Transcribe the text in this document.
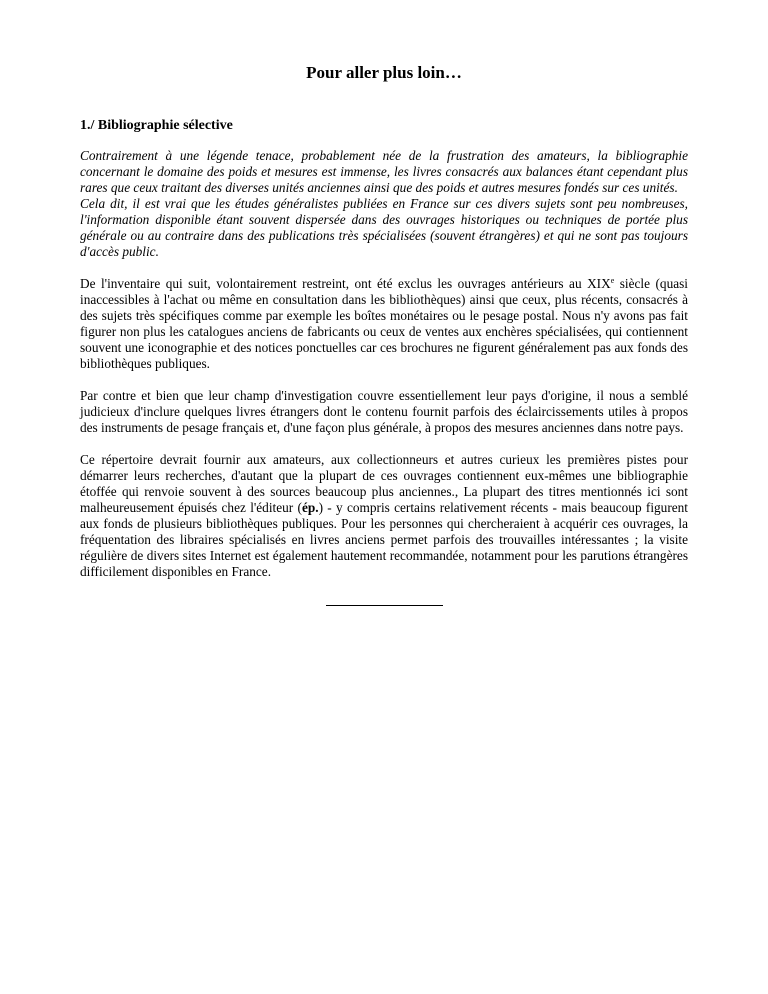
Pour aller plus loin…
1./ Bibliographie sélective

Contrairement à une légende tenace, probablement née de la frustration des amateurs, la bibliographie concernant le domaine des poids et mesures est immense, les livres consacrés aux balances étant cependant plus rares que ceux traitant des diverses unités anciennes ainsi que des poids et autres mesures fondés sur ces unités.

Cela dit, il est vrai que les études généralistes publiées en France sur ces divers sujets sont peu nombreuses, l'information disponible étant souvent dispersée dans des ouvrages historiques ou techniques de portée plus générale ou au contraire dans des publications très spécialisées (souvent étrangères) et qui ne sont pas toujours d'accès public.

De l'inventaire qui suit, volontairement restreint, ont été exclus les ouvrages antérieurs au XIXe siècle (quasi inaccessibles à l'achat ou même en consultation dans les bibliothèques) ainsi que ceux, plus récents, consacrés à des sujets très spécifiques comme par exemple les boîtes monétaires ou le pesage postal. Nous n'y avons pas fait figurer non plus les catalogues anciens de fabricants ou ceux de ventes aux enchères spécialisées, qui contiennent souvent une iconographie et des notices ponctuelles car ces brochures ne figurent généralement pas aux fonds des bibliothèques publiques.

Par contre et bien que leur champ d'investigation couvre essentiellement leur pays d'origine, il nous a semblé judicieux d'inclure quelques livres étrangers dont le contenu fournit parfois des éclaircissements utiles à propos des instruments de pesage français et, d'une façon plus générale, à propos des mesures anciennes dans notre pays.

Ce répertoire devrait fournir aux amateurs, aux collectionneurs et autres curieux les premières pistes pour démarrer leurs recherches, d'autant que la plupart de ces ouvrages contiennent eux-mêmes une bibliographie étoffée qui renvoie souvent à des sources beaucoup plus anciennes., La plupart des titres mentionnés ici sont malheureusement épuisés chez l'éditeur (ép.) - y compris certains relativement récents - mais beaucoup figurent aux fonds de plusieurs bibliothèques publiques. Pour les personnes qui chercheraient à acquérir ces ouvrages, la fréquentation des libraires spécialisés en livres anciens permet parfois des trouvailles intéressantes ; la visite régulière de divers sites Internet est également hautement recommandée, notamment pour les parutions étrangères difficilement disponibles en France.
